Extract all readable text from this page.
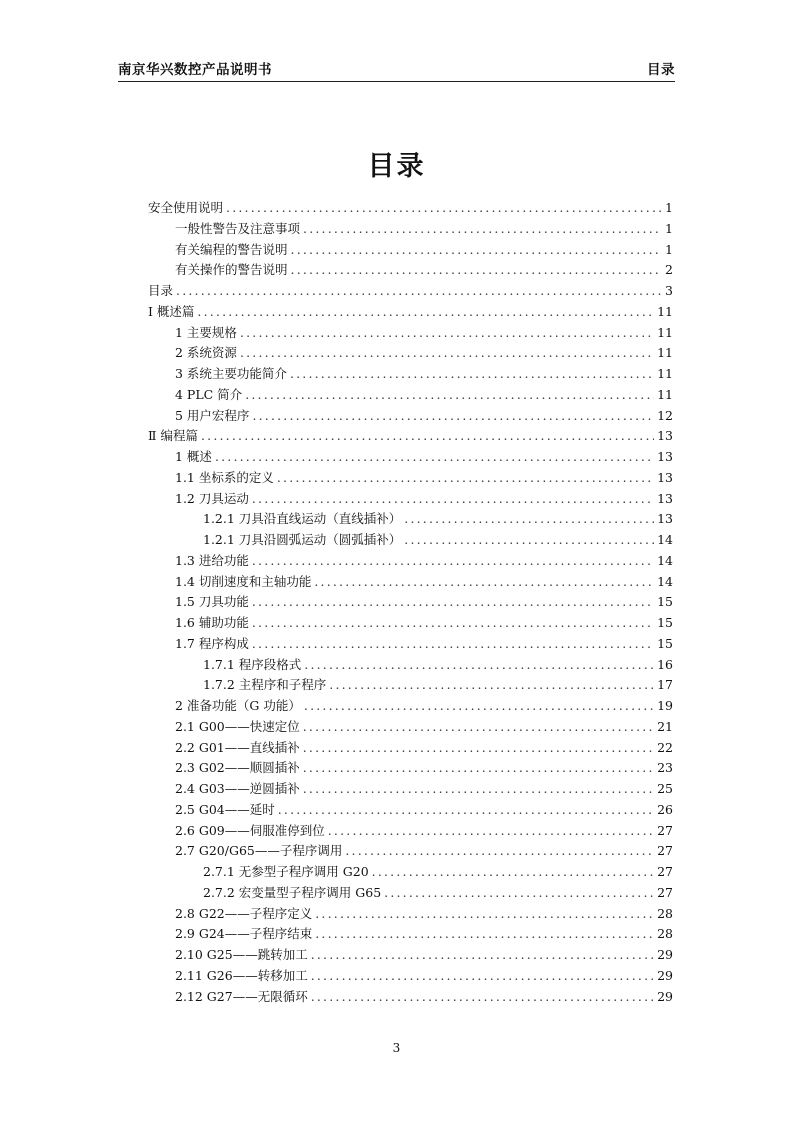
南京华兴数控产品说明书	目录
目录
安全使用说明 .....	1
一般性警告及注意事项 .....	1
有关编程的警告说明 .....	1
有关操作的警告说明 .....	2
目录 .....	3
Ⅰ 概述篇 .....	11
1 主要规格 .....	11
2 系统资源 .....	11
3 系统主要功能简介 .....	11
4 PLC 简介 .....	11
5 用户宏程序 .....	12
Ⅱ 编程篇 .....	13
1 概述 .....	13
1.1 坐标系的定义 .....	13
1.2 刀具运动 .....	13
1.2.1 刀具沿直线运动（直线插补） .....	13
1.2.1 刀具沿圆弧运动（圆弧插补） .....	14
1.3 进给功能 .....	14
1.4 切削速度和主轴功能 .....	14
1.5 刀具功能 .....	15
1.6 辅助功能 .....	15
1.7 程序构成 .....	15
1.7.1 程序段格式 .....	16
1.7.2 主程序和子程序 .....	17
2 准备功能（G 功能） .....	19
2.1 G00——快速定位 .....	21
2.2 G01——直线插补 .....	22
2.3 G02——顺圆插补 .....	23
2.4 G03——逆圆插补 .....	25
2.5 G04——延时 .....	26
2.6 G09——伺服准停到位 .....	27
2.7 G20/G65——子程序调用 .....	27
2.7.1 无参型子程序调用 G20 .....	27
2.7.2 宏变量型子程序调用 G65 .....	27
2.8 G22——子程序定义 .....	28
2.9 G24——子程序结束 .....	28
2.10 G25——跳转加工 .....	29
2.11 G26——转移加工 .....	29
2.12 G27——无限循环 .....	29
3
